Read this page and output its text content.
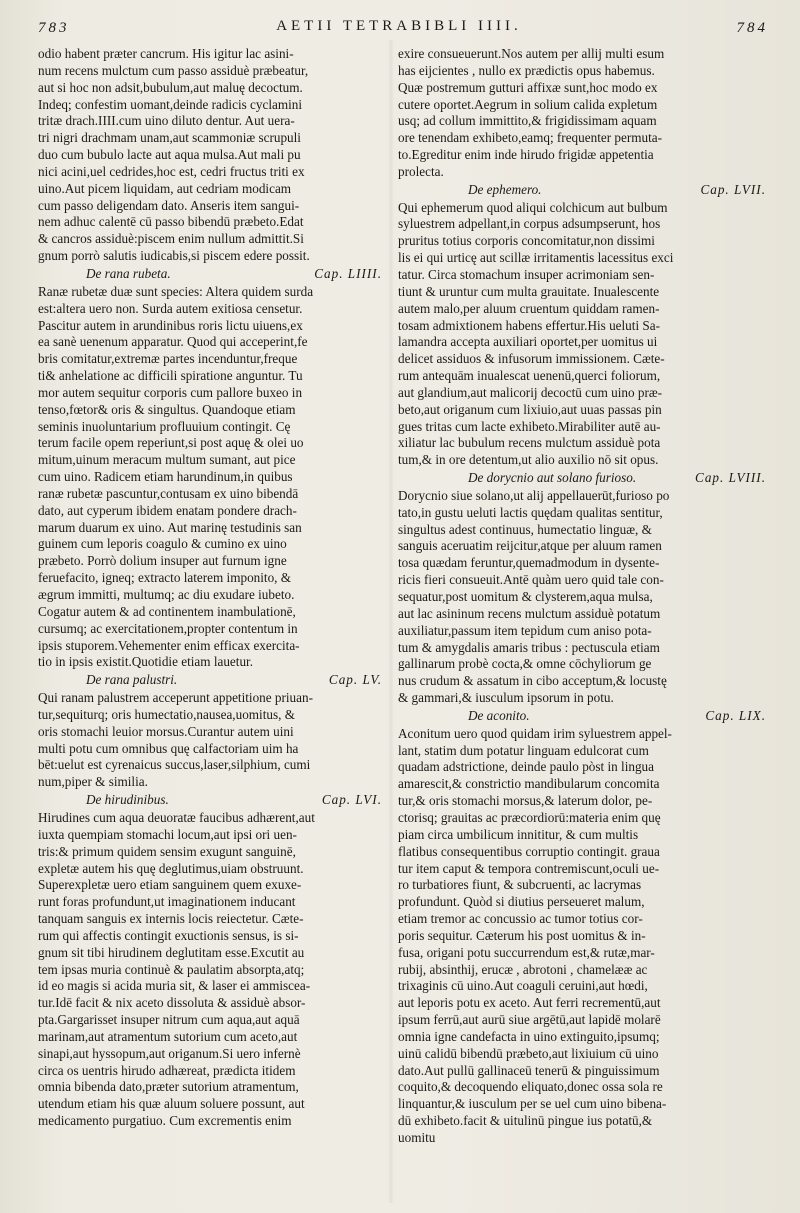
783	AETII TETRABIBLI IIII.	784
odio habent præter cancrum. His igitur lac asini-
num recens mulctum cum passo assiduè præbeatur,
aut si hoc non adsit,bubulum,aut maluę decoctum.
Indeq; confestim uomant,deinde radicis cyclamini
tritæ drach.IIII.cum uino diluto dentur. Aut uera-
tri nigri drachmam unam,aut scammoniæ scrupuli
duo cum bubulo lacte aut aqua mulsa.Aut mali pu
nici acini,uel cedrides,hoc est, cedri fructus triti ex
uino.Aut picem liquidam, aut cedriam modicam
cum passo deligendam dato. Anseris item sangui-
nem adhuc calentē cū passo bibendū præbeto.Edat
& cancros assiduè:piscem enim nullum admittit.Si
gnum porrò salutis iudicabis,si piscem edere possit.
De rana rubeta.	Cap. LIIII.
Ranæ rubetæ duæ sunt species: Altera quidem surda
est:altera uero non. Surda autem exitiosa censetur.
Pascitur autem in arundinibus roris lictu uiuens,ex
ea sanè uenenum apparatur. Quod qui acceperint,fe
bris comitatur,extremæ partes incenduntur,freque
ti& anhelatione ac difficili spiratione anguntur. Tu
mor autem sequitur corporis cum pallore buxeo in
tenso,fœtor& oris & singultus. Quandoque etiam
seminis inuoluntarium profluuium contingit. Cę
terum facile opem reperiunt,si post aquę & olei uo
mitum,uinum meracum multum sumant, aut pice
cum uino. Radicem etiam harundinum,in quibus
ranæ rubetæ pascuntur,contusam ex uino bibendā
dato, aut cyperum ibidem enatam pondere drach-
marum duarum ex uino. Aut marinę testudinis san
guinem cum leporis coagulo & cumino ex uino
præbeto. Porrò dolium insuper aut furnum igne
feruefacito, igneq; extracto laterem imponito, &
ægrum immitti, multumq; ac diu exudare iubeto.
Cogatur autem & ad continentem inambulationē,
cursumq; ac exercitationem,propter contentum in
ipsis stuporem.Vehementer enim efficax exercita-
tio in ipsis existit.Quotidie etiam lauetur.
De rana palustri.	Cap. LV.
Qui ranam palustrem acceperunt appetitione priuan-
tur,sequiturq; oris humectatio,nausea,uomitus, &
oris stomachi leuior morsus.Curantur autem uini
multi potu cum omnibus quę calfactoriam uim ha
bēt:uelut est cyrenaicus succus,laser,silphium, cumi
num,piper & similia.
De hirudinibus.	Cap. LVI.
Hirudines cum aqua deuoratæ faucibus adhærent,aut
iuxta quempiam stomachi locum,aut ipsi ori uen-
tris:& primum quidem sensim exugunt sanguinē,
expletæ autem his quę deglutimus,uiam obstruunt.
Superexpletæ uero etiam sanguinem quem exuxe-
runt foras profundunt,ut imaginationem inducant
tanquam sanguis ex internis locis reiectetur. Cæte-
rum qui affectis contingit exuctionis sensus, is si-
gnum sit tibi hirudinem deglutitam esse.Excutit au
tem ipsas muria continuè & paulatim absorpta,atq;
id eo magis si acida muria sit, & laser ei ammiscea-
tur.Idē facit & nix aceto dissoluta & assiduè absor-
pta.Gargarisset insuper nitrum cum aqua,aut aquā
marinam,aut atramentum sutorium cum aceto,aut
sinapi,aut hyssopum,aut origanum.Si uero infernè
circa os uentris hirudo adhæreat, prædicta itidem
omnia bibenda dato,præter sutorium atramentum,
utendum etiam his quæ aluum soluere possunt, aut
medicamento purgatiuo. Cum excrementis enim
exire consueuerunt.Nos autem per allij multi esum
has eijcientes , nullo ex prædictis opus habemus.
Quæ postremum gutturi affixæ sunt,hoc modo ex
cutere oportet.Aegrum in solium calida expletum
usq; ad collum immittito,& frigidissimam aquam
ore tenendam exhibeto,eamq; frequenter permuta-
to.Egreditur enim inde hirudo frigidæ appetentia
prolecta.
De ephemero.	Cap. LVII.
Qui ephemerum quod aliqui colchicum aut bulbum
syluestrem adpellant,in corpus adsumpserunt, hos
pruritus totius corporis concomitatur,non dissimi
lis ei qui urticę aut scillæ irritamentis lacessitus exci
tatur. Circa stomachum insuper acrimoniam sen-
tiunt & uruntur cum multa grauitate. Inualescente
autem malo,per aluum cruentum quiddam ramen-
tosam admixtionem habens effertur.His ueluti Sa-
lamandra accepta auxiliari oportet,per uomitus ui
delicet assiduos & infusorum immissionem. Cæte-
rum antequām inualescat uenenū,querci foliorum,
aut glandium,aut malicorij decoctū cum uino præ-
beto,aut origanum cum lixiuio,aut uuas passas pin
gues tritas cum lacte exhibeto.Mirabiliter autē au-
xiliatur lac bubulum recens mulctum assiduè pota
tum,& in ore detentum,ut alio auxilio nō sit opus.
De dorycnio aut solano furioso.	Cap. LVIII.
Dorycnio siue solano,ut alij appellauerūt,furioso po
tato,in gustu ueluti lactis quędam qualitas sentitur,
singultus adest continuus, humectatio linguæ, &
sanguis aceruatim reijcitur,atque per aluum ramen
tosa quædam feruntur,quemadmodum in dysente-
ricis fieri consueuit.Antē quàm uero quid tale con-
sequatur,post uomitum & clysterem,aqua mulsa,
aut lac asininum recens mulctum assiduè potatum
auxiliatur,passum item tepidum cum aniso pota-
tum & amygdalis amaris tribus : pectuscula etiam
gallinarum probè cocta,& omne cōchyliorum ge
nus crudum & assatum in cibo acceptum,& locustę
& gammari,& iusculum ipsorum in potu.
De aconito.	Cap. LIX.
Aconitum uero quod quidam irim syluestrem appel-
lant, statim dum potatur linguam edulcorat cum
quadam adstrictione, deinde paulo pòst in lingua
amarescit,& constrictio mandibularum concomita
tur,& oris stomachi morsus,& laterum dolor, pe-
ctorisq; grauitas ac præcordiorū:materia enim quę
piam circa umbilicum innititur, & cum multis
flatibus consequentibus corruptio contingit. graua
tur item caput & tempora contremiscunt,oculi ue-
ro turbatiores fiunt, & subcruenti, ac lacrymas
profundunt. Quòd si diutius perseueret malum,
etiam tremor ac concussio ac tumor totius cor-
poris sequitur. Cæterum his post uomitus & in-
fusa, origani potu succurrendum est,& rutæ,mar-
rubij, absinthij, erucæ , abrotoni , chamelææ ac
trixaginis cū uino.Aut coaguli ceruini,aut hœdi,
aut leporis potu ex aceto. Aut ferri recrementū,aut
ipsum ferrū,aut aurū siue argētū,aut lapidē molarē
omnia igne candefacta in uino extinguito,ipsumq;
uinū calidū bibendū præbeto,aut lixiuium cū uino
dato.Aut pullū gallinaceū tenerū & pinguissimum
coquito,& decoquendo eliquato,donec ossa sola re
linquantur,& iusculum per se uel cum uino bibena-
dū exhibeto.facit & uitulinū pingue ius potatū,&
uomitu
